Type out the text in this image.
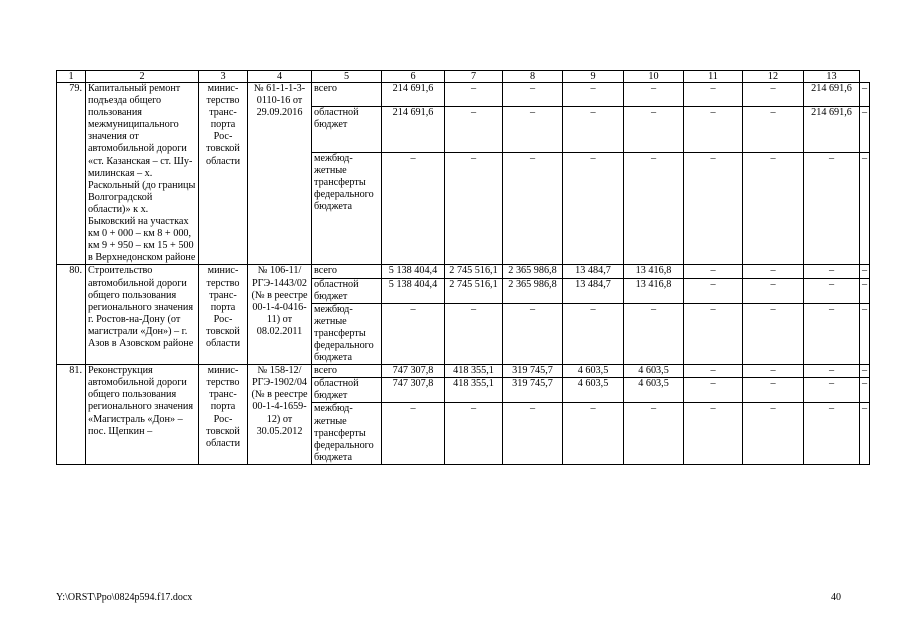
1	2	3	4	5	6	7	8	9	10	11	12	13	
79.	Капитальный ремонт подъезда общего пользования межмуниципального значения от автомобильной дороги «ст. Казанская – ст. Шумилинская – х. Раскольный (до границы Волгоградской области)» к х. Быковский на участках км 0 + 000 – км 8 + 000, км 9 + 950 – км 15 + 500 в Верхнедонском районе	министерство транспорта Ростовской области	№ 61-1-1-3-0110-16 от 29.09.2016	всего	214 691,6	–	–	–	–	–	–	214 691,6	–
				областной бюджет	214 691,6	–	–	–	–	–	–	214 691,6	–
				межбюджетные трансферты федерального бюджета	–	–	–	–	–	–	–	–	–
80.	Строительство автомобильной дороги общего пользования регионального значения г. Ростов-на-Дону (от магистрали «Дон») – г. Азов в Азовском районе	министерство транспорта Ростовской области	№ 106-11/РГЭ-1443/02 (№ в реестре 00-1-4-0416-11) от 08.02.2011	всего	5 138 404,4	2 745 516,1	2 365 986,8	13 484,7	13 416,8	–	–	–	–
				областной бюджет	5 138 404,4	2 745 516,1	2 365 986,8	13 484,7	13 416,8	–	–	–	–
				межбюджетные трансферты федерального бюджета	–	–	–	–	–	–	–	–	–
81.	Реконструкция автомобильной дороги общего пользования регионального значения «Магистраль «Дон» – пос. Щепкин –	министерство транспорта Ростовской области	№ 158-12/РГЭ-1902/04 (№ в реестре 00-1-4-1659-12) от 30.05.2012	всего	747 307,8	418 355,1	319 745,7	4 603,5	4 603,5	–	–	–	–
				областной бюджет	747 307,8	418 355,1	319 745,7	4 603,5	4 603,5	–	–	–	–
				межбюджетные трансферты федерального бюджета	–	–	–	–	–	–	–	–	–
Y:\ORST\Ppo\0824p594.f17.docx	40
